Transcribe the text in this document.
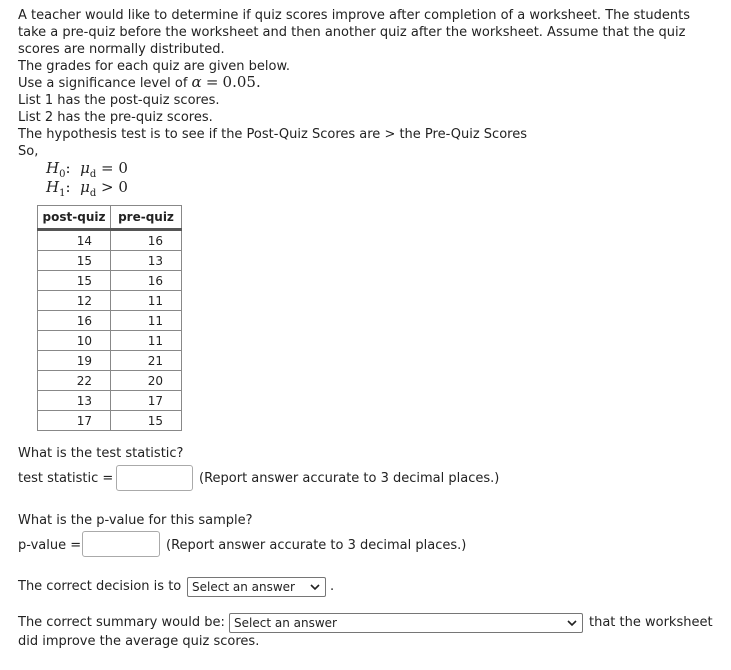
A teacher would like to determine if quiz scores improve after completion of a worksheet. The students
take a pre-quiz before the worksheet and then another quiz after the worksheet. Assume that the quiz
scores are normally distributed.
The grades for each quiz are given below.
Use a significance level of α = 0.05.
List 1 has the post-quiz scores.
List 2 has the pre-quiz scores.
The hypothesis test is to see if the Post-Quiz Scores are > the Pre-Quiz Scores
So,
$H_0$: $\mu_d = 0$
$H_1$: $\mu_d > 0$
post-quiz	pre-quiz
14	16
15	13
15	16
12	11
16	11
10	11
19	21
22	20
13	17
17	15
What is the test statistic?
test statistic =	(Report answer accurate to 3 decimal places.)
What is the p-value for this sample?
p-value =	(Report answer accurate to 3 decimal places.)
The correct decision is to Select an answer	.
The correct summary would be: Select an answer	that the worksheet
did improve the average quiz scores.
